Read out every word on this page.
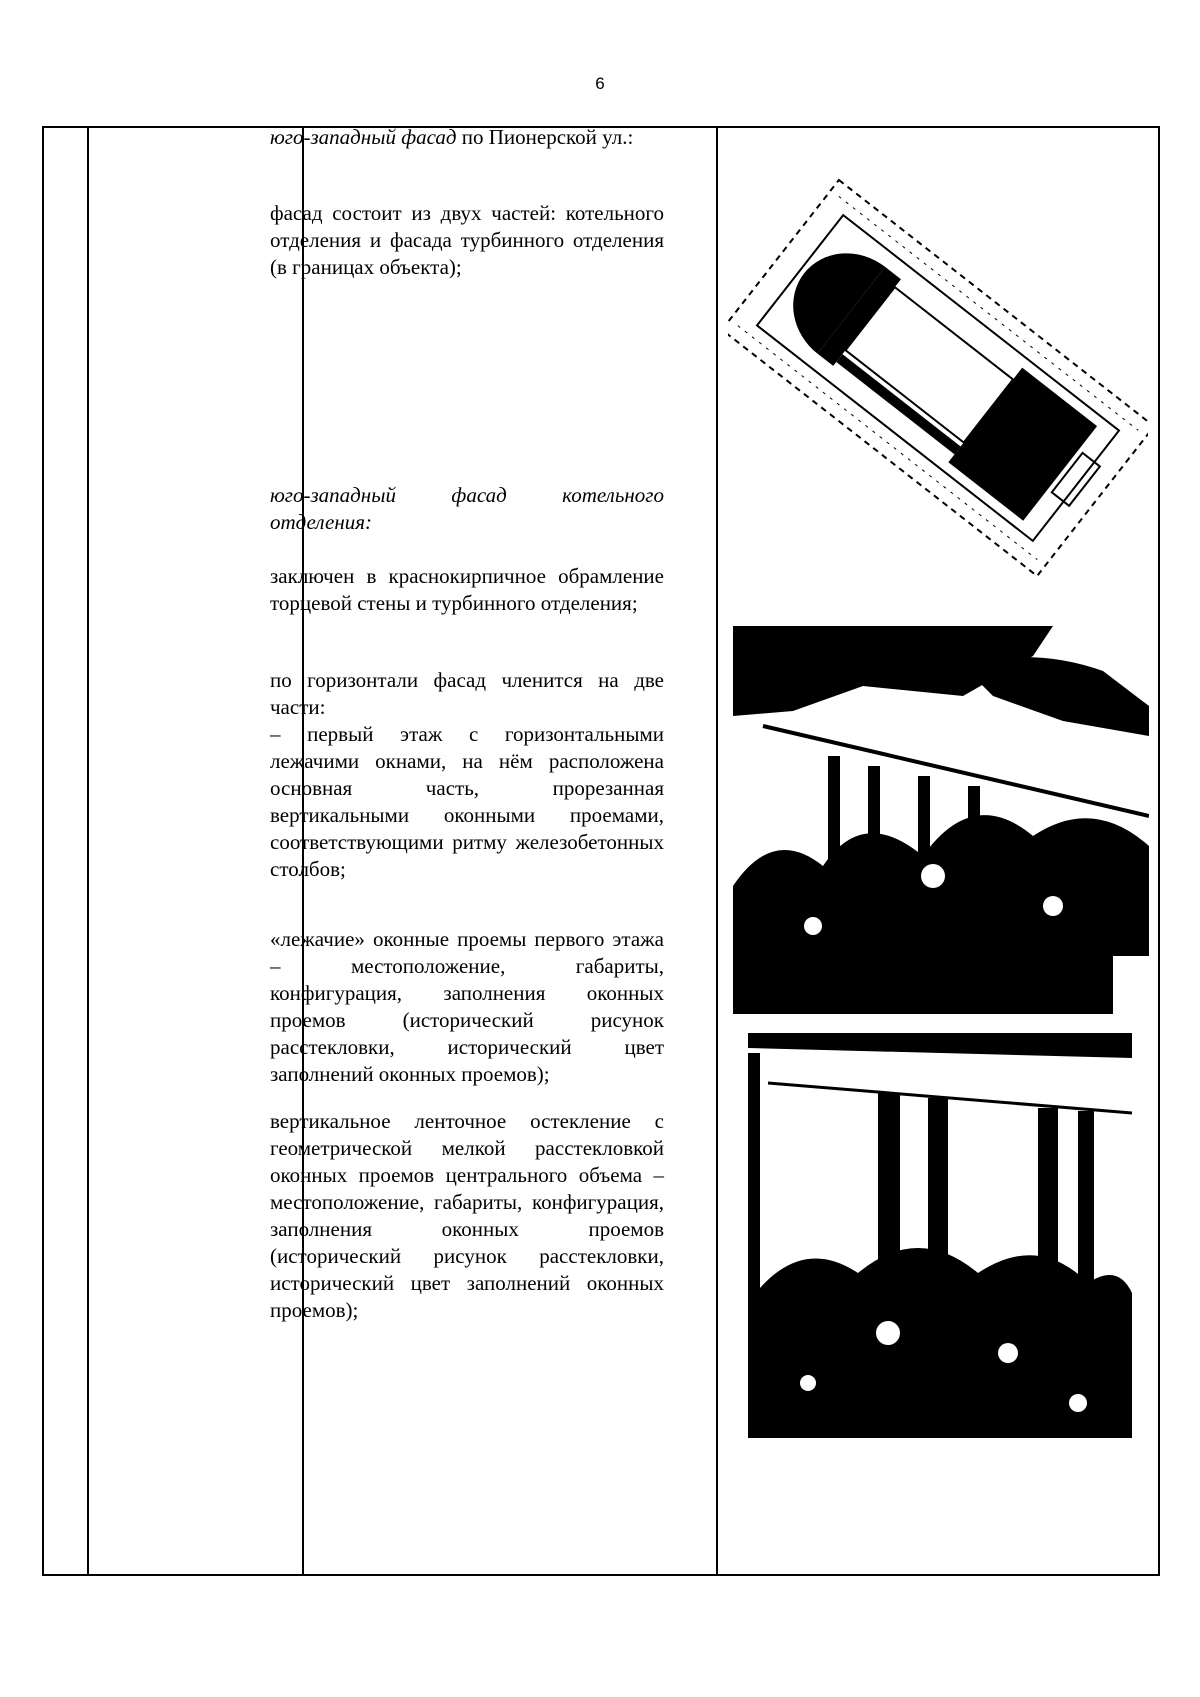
6

юго-западный фасад по Пионерской ул.:

фасад состоит из двух частей: котельного отделения и фасада турбинного отделения (в границах объекта);

юго-западный фасад котельного отделения:

заключен в краснокирпичное обрамление торцевой стены и турбинного отделения;

по горизонтали фасад членится на две части:

– первый этаж с горизонтальными лежачими окнами, на нём расположена основная часть, прорезанная вертикальными оконными проемами, соответствующими ритму железобетонных столбов;

«лежачие» оконные проемы первого этажа – местоположение, габариты, конфигурация, заполнения оконных проемов (исторический рисунок расстекловки, исторический цвет заполнений оконных проемов);

вертикальное ленточное остекление с геометрической мелкой расстекловкой оконных проемов центрального объема – местоположение, габариты, конфигурация, заполнения оконных проемов (исторический рисунок расстекловки, исторический цвет заполнений оконных проемов);
